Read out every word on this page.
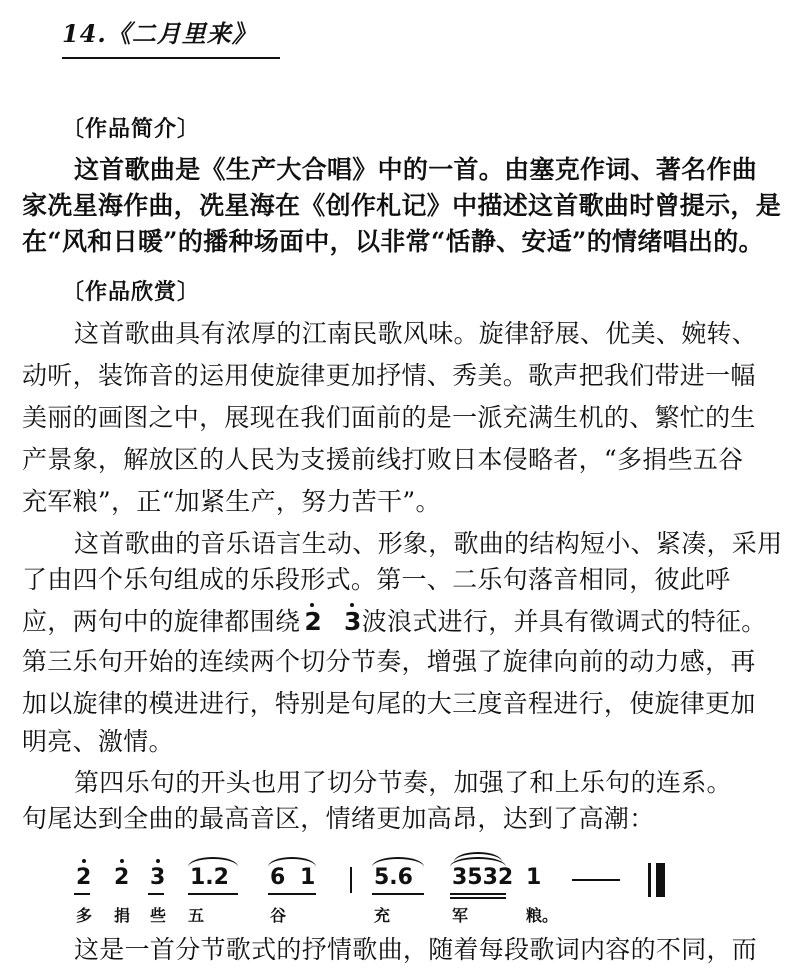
14.《二月里来》
〔作品简介〕
这首歌曲是《生产大合唱》中的一首。由塞克作词、著名作曲
家冼星海作曲，冼星海在《创作札记》中描述这首歌曲时曾提示，是
在“风和日暖”的播种场面中，以非常“恬静、安适”的情绪唱出的。
〔作品欣赏〕
这首歌曲具有浓厚的江南民歌风味。旋律舒展、优美、婉转、
动听，装饰音的运用使旋律更加抒情、秀美。歌声把我们带进一幅
美丽的画图之中，展现在我们面前的是一派充满生机的、繁忙的生
产景象，解放区的人民为支援前线打败日本侵略者，“多捐些五谷
充军粮”，正“加紧生产，努力苦干”。
这首歌曲的音乐语言生动、形象，歌曲的结构短小、紧凑，采用
了由四个乐句组成的乐段形式。第一、二乐句落音相同，彼此呼
应，两句中的旋律都围绕 2 3
波浪式进行，并具有徵调式的特征。
第三乐句开始的连续两个切分节奏，增强了旋律向前的动力感，再
加以旋律的模进进行，特别是句尾的大三度音程进行，使旋律更加
明亮、激情。
第四乐句的开头也用了切分节奏，加强了和上乐句的连系。
句尾达到全曲的最高音区，情绪更加高昂，达到了高潮：
2 2 3 1.2 6 1	5.6 3532 1
多 捐 些 五	谷	充	军	粮。
这是一首分节歌式的抒情歌曲，随着每段歌词内容的不同，而
